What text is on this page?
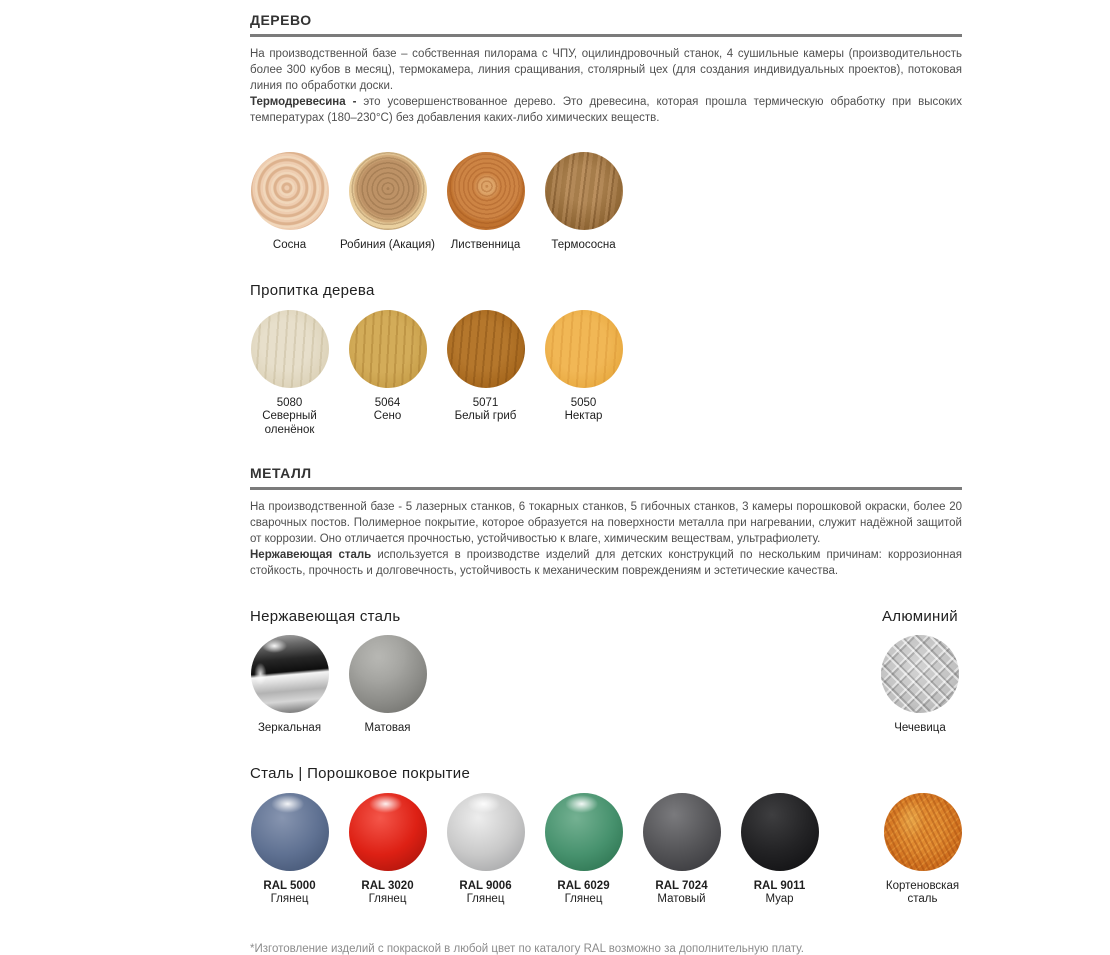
ДЕРЕВО

На производственной базе – собственная пилорама с ЧПУ, оцилиндровочный станок, 4 сушильные камеры (производительность более 300 кубов в месяц), термокамера, линия сращивания, столярный цех (для создания индивидуальных проектов), потоковая линия по обработки доски.
Термодревесина - это усовершенствованное дерево. Это древесина, которая прошла термическую обработку при высоких температурах (180–230°С) без добавления каких-либо химических веществ.

Сосна	Робиния (Акация)	Лиственница	Термососна
Пропитка дерева
5080
Северный
оленёнок
5064
Сено
5071
Белый гриб
5050
Нектар
МЕТАЛЛ

На производственной базе - 5 лазерных станков, 6 токарных станков, 5 гибочных станков, 3 камеры порошковой окраски, более 20 сварочных постов. Полимерное покрытие, которое образуется на поверхности металла при нагревании, служит надёжной защитой от коррозии. Оно отличается прочностью, устойчивостью к влаге, химическим веществам, ультрафиолету.
Нержавеющая сталь используется в производстве изделий для детских конструкций по нескольким причинам: коррозионная стойкость, прочность и долговечность, устойчивость к механическим повреждениям и эстетические качества.

Нержавеющая сталь
Зеркальная	Матовая
Алюминий
Чечевица
Сталь | Порошковое покрытие
RAL 5000
Глянец
RAL 3020
Глянец
RAL 9006
Глянец
RAL 6029
Глянец
RAL 7024
Матовый
RAL 9011
Муар
Кортеновская
сталь

*Изготовление изделий с покраской в любой цвет по каталогу RAL возможно за дополнительную плату.
